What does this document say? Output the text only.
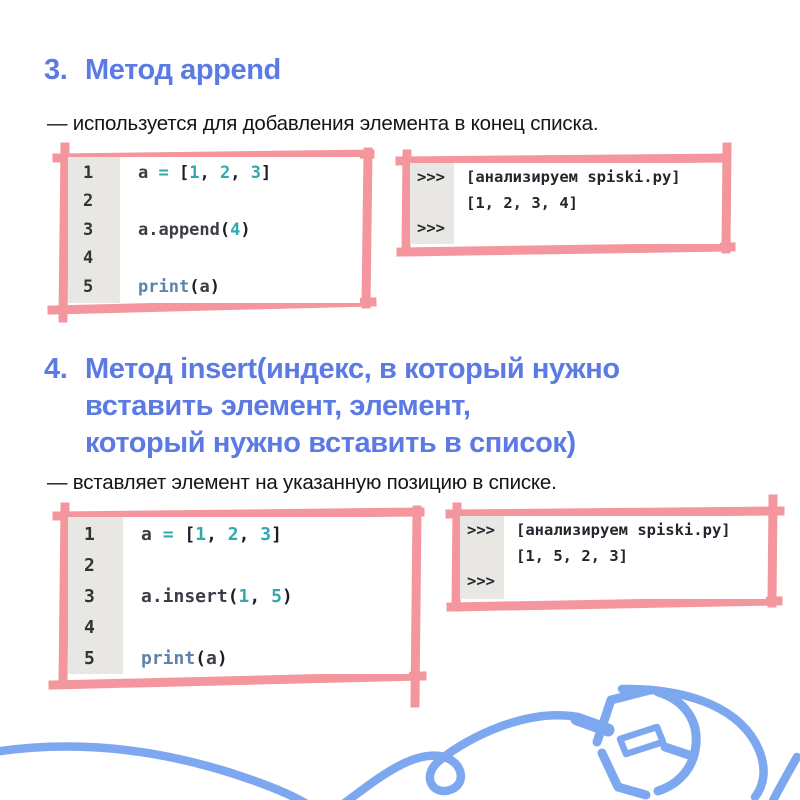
3. Метод append
— используется для добавления элемента в конец списка.
1	a = [1, 2, 3]
2
3	a.append(4)
4
5	print(a)
>>>	[анализируем spiski.py]
[1, 2, 3, 4]
>>>
4. Метод insert(индекс, в который нужно
вставить элемент, элемент,
который нужно вставить в список)
— вставляет элемент на указанную позицию в списке.
1	a = [1, 2, 3]
2
3	a.insert(1, 5)
4
5	print(a)
>>>	[анализируем spiski.py]
[1, 5, 2, 3]
>>>
